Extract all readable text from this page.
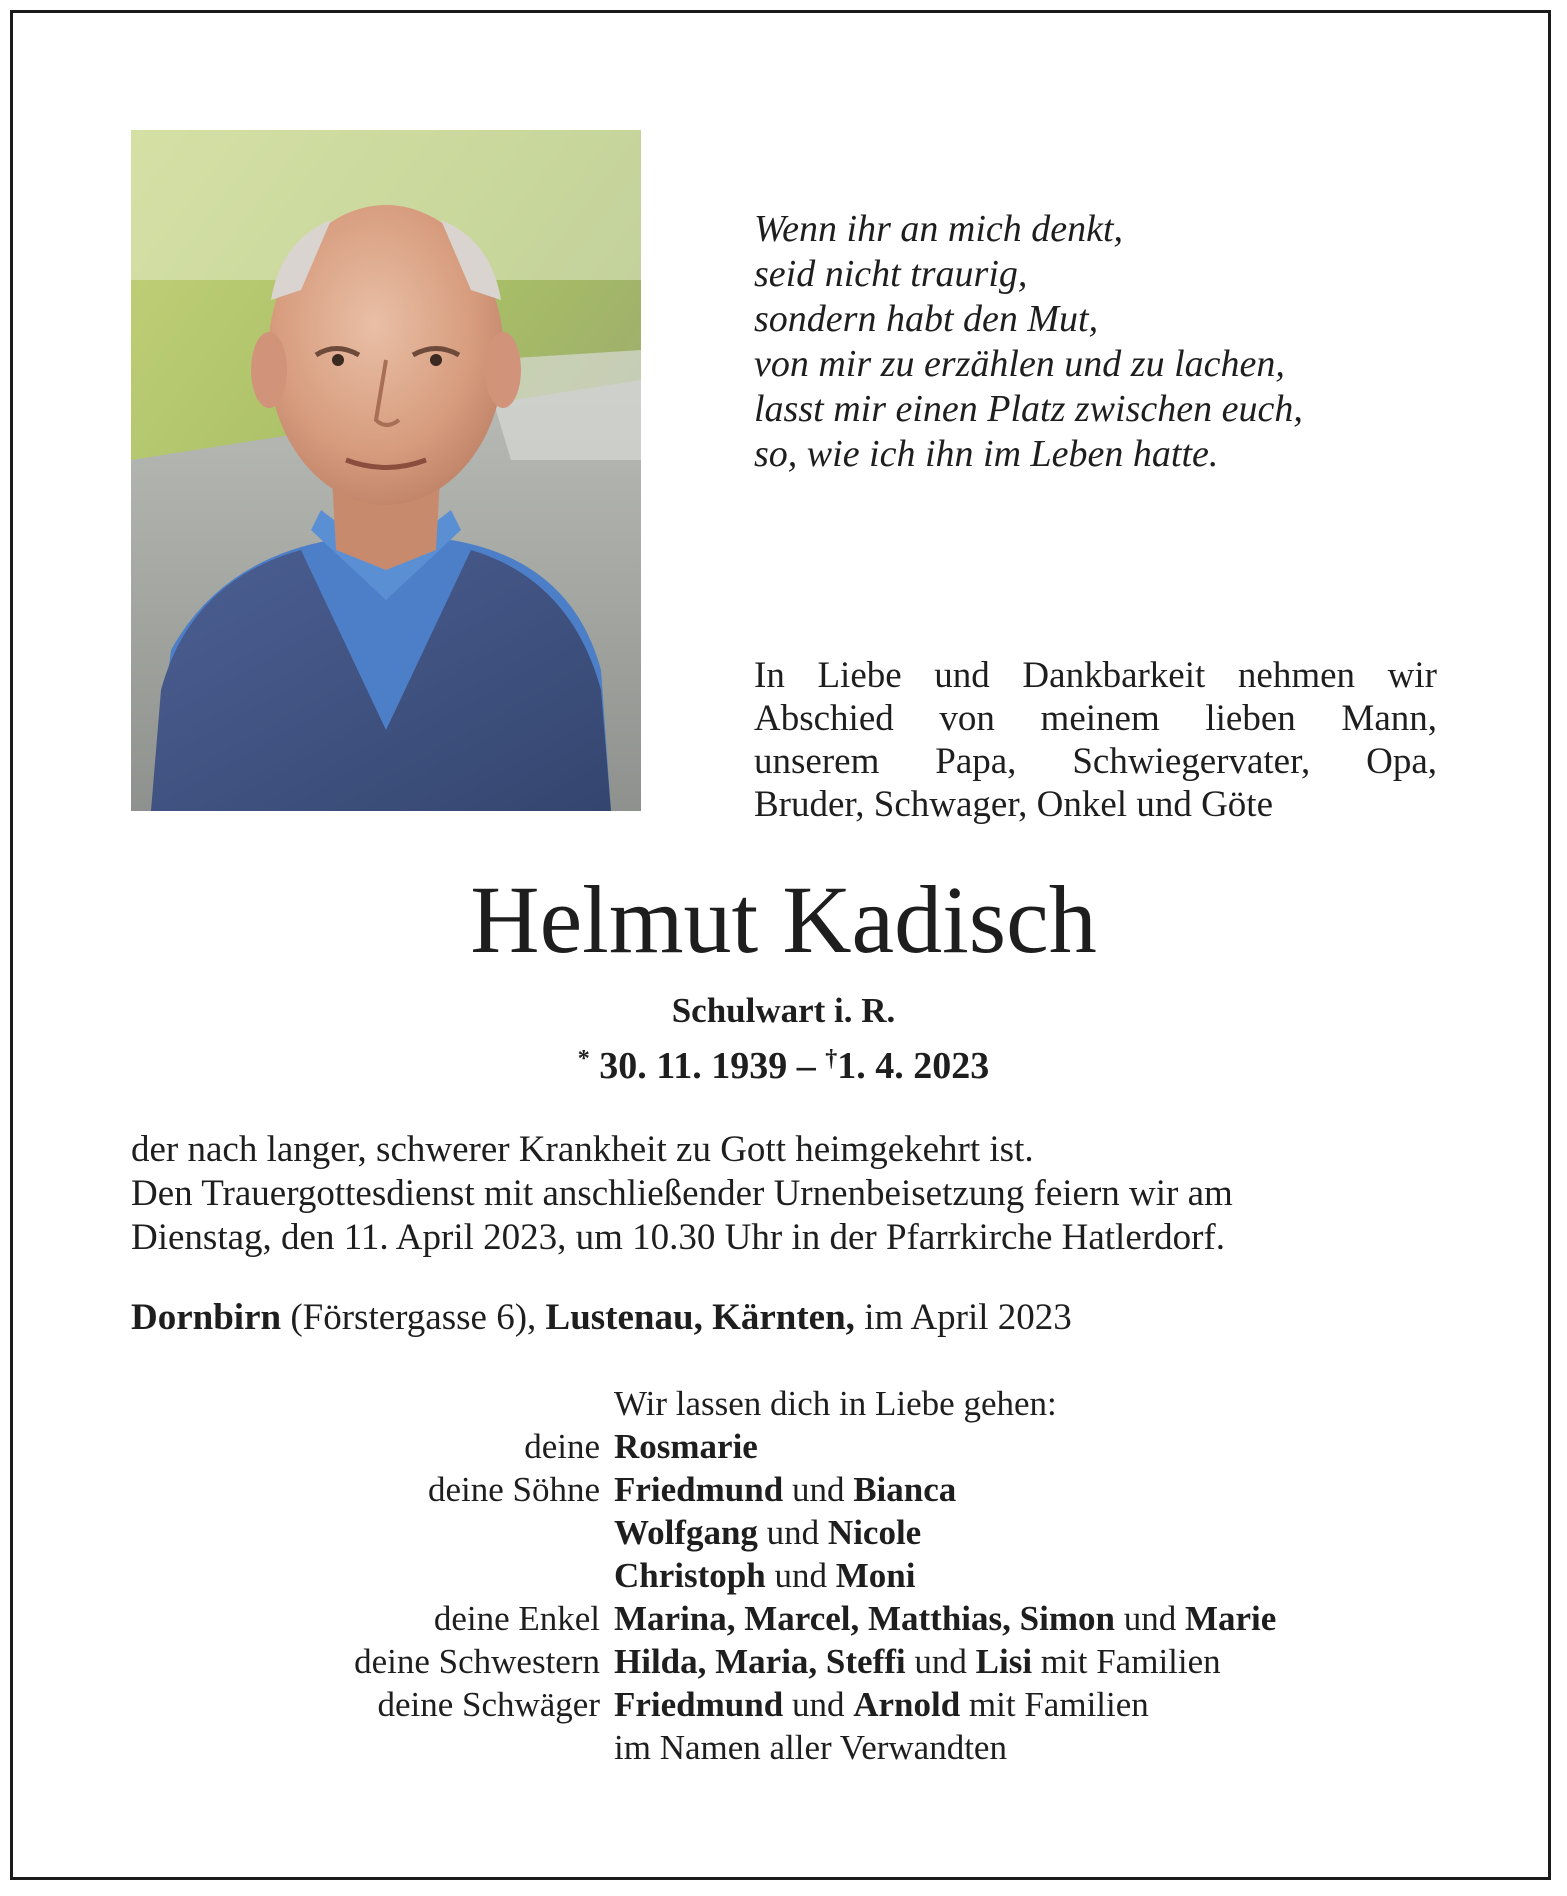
Wenn ihr an mich denkt,
seid nicht traurig,
sondern habt den Mut,
von mir zu erzählen und zu lachen,
lasst mir einen Platz zwischen euch,
so, wie ich ihn im Leben hatte.
In Liebe und Dankbarkeit nehmen wir
Abschied von meinem lieben Mann,
unserem Papa, Schwiegervater, Opa,
Bruder, Schwager, Onkel und Göte
Helmut Kadisch
Schulwart i. R.
* 30. 11. 1939 – †1. 4. 2023
der nach langer, schwerer Krankheit zu Gott heimgekehrt ist.
Den Trauergottesdienst mit anschließender Urnenbeisetzung feiern wir am
Dienstag, den 11. April 2023, um 10.30 Uhr in der Pfarrkirche Hatlerdorf.
Dornbirn (Förstergasse 6), Lustenau, Kärnten, im April 2023
Wir lassen dich in Liebe gehen:
deine Rosmarie
deine Söhne Friedmund und Bianca
Wolfgang und Nicole
Christoph und Moni
deine Enkel Marina, Marcel, Matthias, Simon und Marie
deine Schwestern Hilda, Maria, Steffi und Lisi mit Familien
deine Schwäger Friedmund und Arnold mit Familien
im Namen aller Verwandten
